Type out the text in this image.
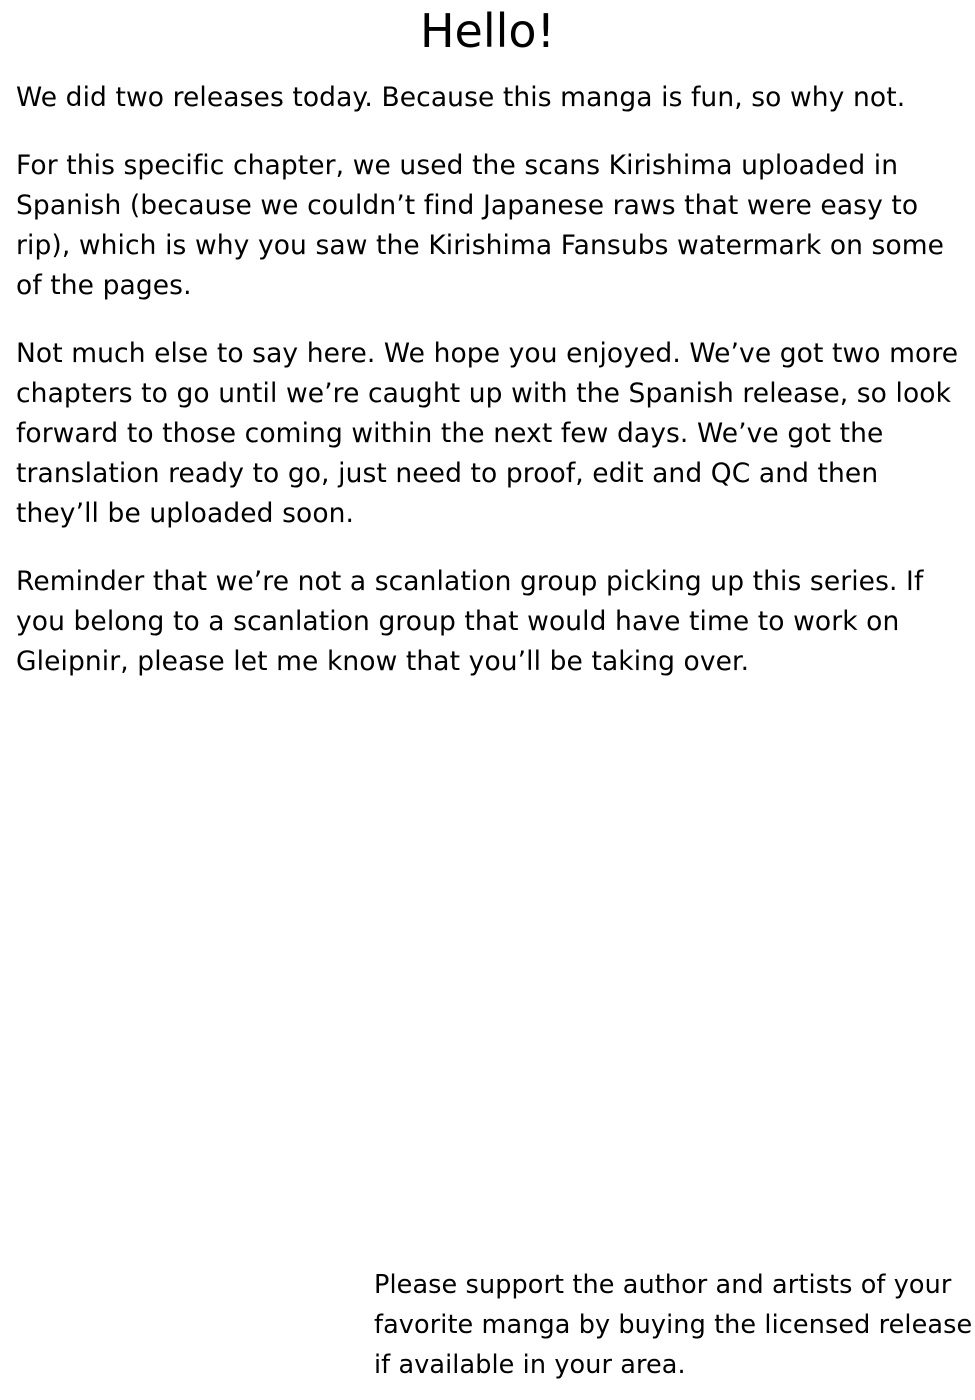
Hello!

We did two releases today. Because this manga is fun, so why not.

For this specific chapter, we used the scans Kirishima uploaded in Spanish (because we couldn’t find Japanese raws that were easy to rip), which is why you saw the Kirishima Fansubs watermark on some of the pages.

Not much else to say here. We hope you enjoyed. We’ve got two more chapters to go until we’re caught up with the Spanish release, so look forward to those coming within the next few days. We’ve got the translation ready to go, just need to proof, edit and QC and then they’ll be uploaded soon.

Reminder that we’re not a scanlation group picking up this series. If you belong to a scanlation group that would have time to work on Gleipnir, please let me know that you’ll be taking over.

Please support the author and artists of your favorite manga by buying the licensed release if available in your area.
